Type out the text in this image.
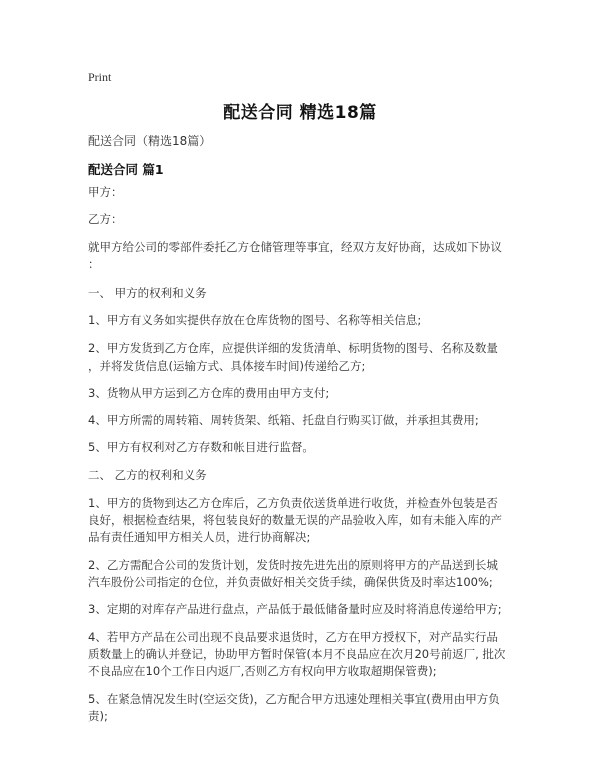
Print
配送合同 精选18篇
配送合同（精选18篇）
配送合同 篇1
甲方：
乙方：
就甲方给公司的零部件委托乙方仓储管理等事宜，经双方友好协商，达成如下协议
：
一、 甲方的权利和义务
1、甲方有义务如实提供存放在仓库货物的图号、名称等相关信息;
2、甲方发货到乙方仓库，应提供详细的发货清单、标明货物的图号、名称及数量
，并将发货信息(运输方式、具体接车时间)传递给乙方;
3、货物从甲方运到乙方仓库的费用由甲方支付;
4、甲方所需的周转箱、周转货架、纸箱、托盘自行购买订做，并承担其费用;
5、甲方有权利对乙方存数和帐目进行监督。
二、 乙方的权利和义务
1、甲方的货物到达乙方仓库后，乙方负责依送货单进行收货，并检查外包装是否
良好，根据检查结果，将包装良好的数量无误的产品验收入库，如有未能入库的产
品有责任通知甲方相关人员，进行协商解决;
2、乙方需配合公司的发货计划，发货时按先进先出的原则将甲方的产品送到长城
汽车股份公司指定的仓位，并负责做好相关交货手续，确保供货及时率达100%;
3、定期的对库存产品进行盘点，产品低于最低储备量时应及时将消息传递给甲方;
4、若甲方产品在公司出现不良品要求退货时，乙方在甲方授权下，对产品实行品
质数量上的确认并登记，协助甲方暂时保管(本月不良品应在次月20号前返厂, 批次
不良品应在10个工作日内返厂,否则乙方有权向甲方收取超期保管费);
5、在紧急情况发生时(空运交货)，乙方配合甲方迅速处理相关事宜(费用由甲方负
责);
